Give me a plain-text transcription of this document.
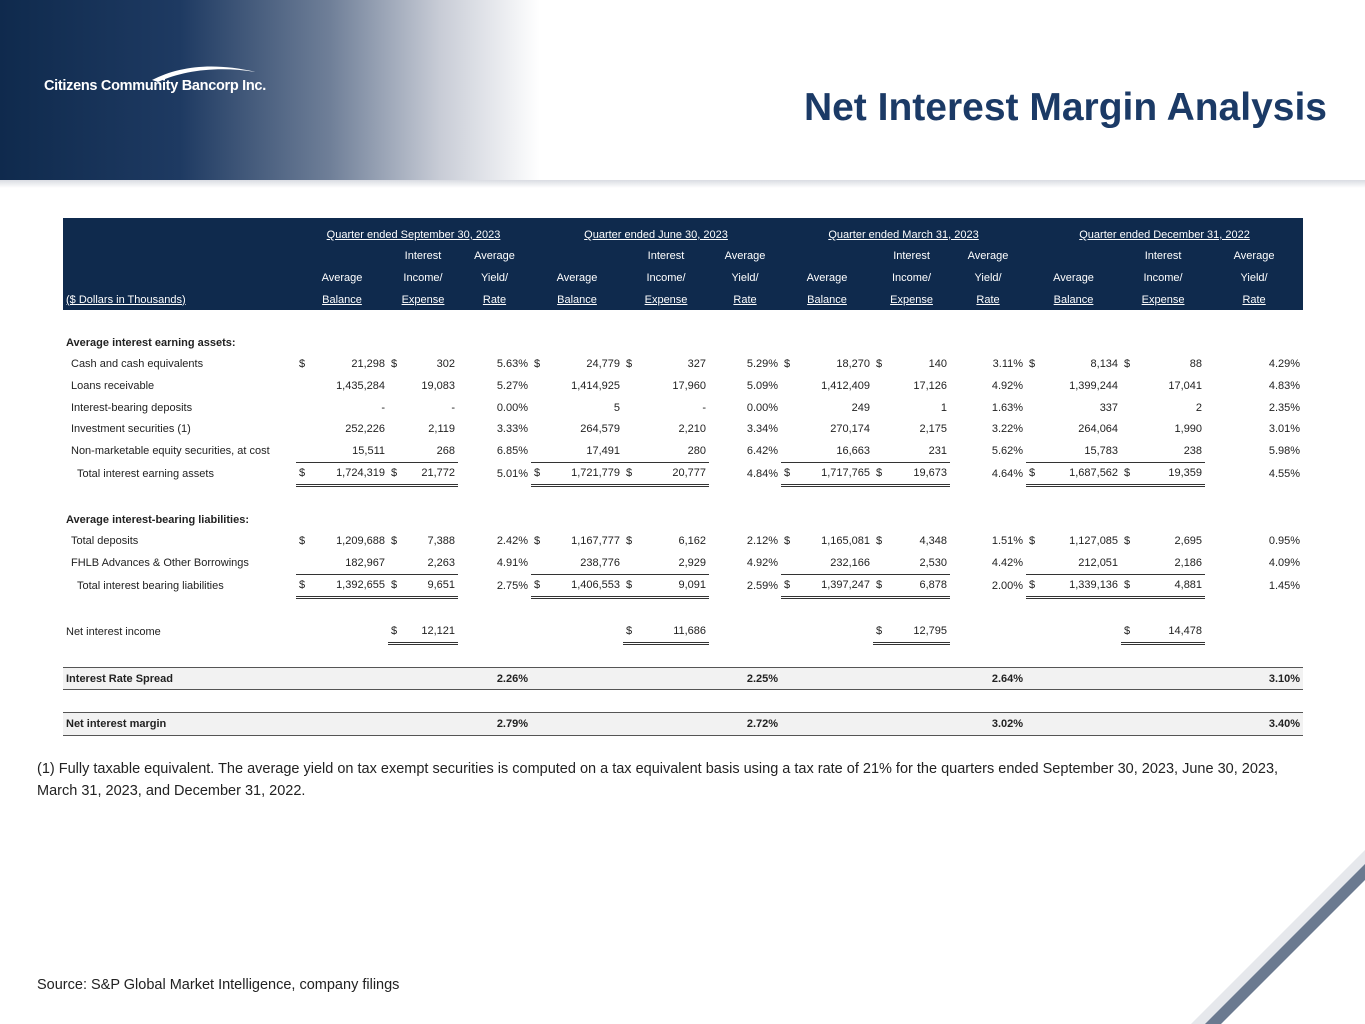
Citizens Community Bancorp Inc.	Net Interest Margin Analysis
	Quarter ended September 30, 2023			Quarter ended June 30, 2023			Quarter ended March 31, 2023			Quarter ended December 31, 2022		
		Interest	Average		Interest	Average		Interest	Average		Interest	Average
	Average	Income/	Yield/	Average	Income/	Yield/	Average	Income/	Yield/	Average	Income/	Yield/
($ Dollars in Thousands)	Balance	Expense	Rate	Balance	Expense	Rate	Balance	Expense	Rate	Balance	Expense	Rate

Average interest earning assets:												
Cash and cash equivalents	$ 21,298	$ 302	5.63%	$ 24,779	$ 327	5.29%	$ 18,270	$ 140	3.11%	$ 8,134	$ 88	4.29%
Loans receivable	1,435,284	19,083	5.27%	1,414,925	17,960	5.09%	1,412,409	17,126	4.92%	1,399,244	17,041	4.83%
Interest-bearing deposits	-	-	0.00%	5	-	0.00%	249	1	1.63%	337	2	2.35%
Investment securities (1)	252,226	2,119	3.33%	264,579	2,210	3.34%	270,174	2,175	3.22%	264,064	1,990	3.01%
Non-marketable equity securities, at cost	15,511	268	6.85%	17,491	280	6.42%	16,663	231	5.62%	15,783	238	5.98%
Total interest earning assets	$ 1,724,319	$ 21,772	5.01%	$ 1,721,779	$ 20,777	4.84%	$ 1,717,765	$ 19,673	4.64%	$ 1,687,562	$ 19,359	4.55%

Average interest-bearing liabilities:												
Total deposits	$ 1,209,688	$ 7,388	2.42%	$ 1,167,777	$ 6,162	2.12%	$ 1,165,081	$ 4,348	1.51%	$ 1,127,085	$ 2,695	0.95%
FHLB Advances & Other Borrowings	182,967	2,263	4.91%	238,776	2,929	4.92%	232,166	2,530	4.42%	212,051	2,186	4.09%
Total interest bearing liabilities	$ 1,392,655	$ 9,651	2.75%	$ 1,406,553	$ 9,091	2.59%	$ 1,397,247	$ 6,878	2.00%	$ 1,339,136	$ 4,881	1.45%

Net interest income		$ 12,121			$ 11,686			$ 12,795			$ 14,478	

Interest Rate Spread			2.26%			2.25%			2.64%			3.10%

Net interest margin			2.79%			2.72%			3.02%			3.40%
(1) Fully taxable equivalent. The average yield on tax exempt securities is computed on a tax equivalent basis using a tax rate of 21% for the quarters ended September 30, 2023, June 30, 2023, March 31, 2023, and December 31, 2022.
Source: S&P Global Market Intelligence, company filings
